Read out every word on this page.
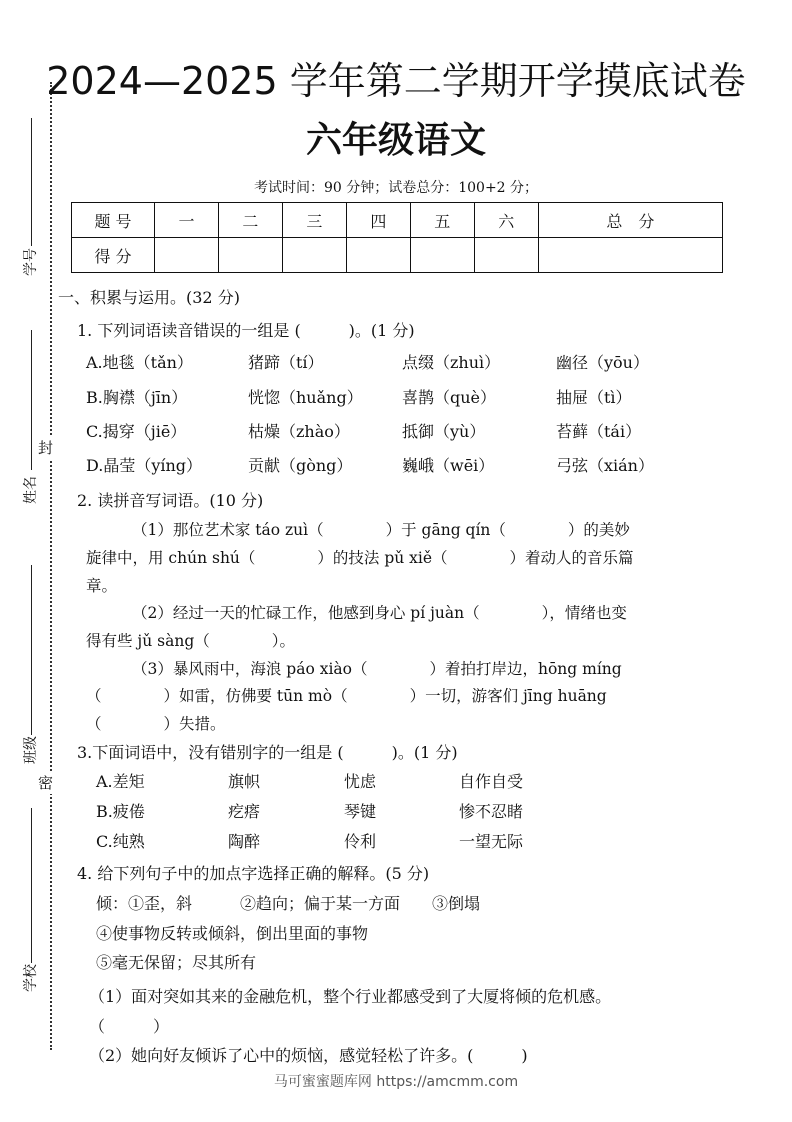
封
密
学号
姓名
班级
学校
2024—2025 学年第二学期开学摸底试卷
六年级语文
考试时间：90 分钟；试卷总分：100+2 分；
题 号	一	二	三	四	五	六	总　分
得 分							
一、积累与运用。(32 分)
1. 下列词语读音错误的一组是 (　　　)。(1 分)
A.地毯（tǎn）	猪蹄（tí）	点缀（zhuì）	幽径（yōu）
B.胸襟（jīn）	恍惚（huǎng） 喜鹊（què）	抽屉（tì）
C.揭穿（jiē）	枯燥（zhào）	抵御（yù）	苔藓（tái）
D.晶莹（yíng）	贡献（gòng）	巍峨（wēi）	弓弦（xián）
2. 读拼音写词语。(10 分)
（1）那位艺术家 táo zuì（　　　　）于 gāng qín（　　　　）的美妙
旋律中，用 chún shú（　　　　）的技法 pǔ xiě（　　　　）着动人的音乐篇
章。
（2）经过一天的忙碌工作，他感到身心 pí juàn（　　　　），情绪也变
得有些 jǔ sàng（　　　　）。
（3）暴风雨中，海浪 páo xiào（　　　　）着拍打岸边，hōng míng
（　　　　）如雷，仿佛要 tūn mò（　　　　）一切，游客们 jīng huāng
（　　　　）失措。
3.下面词语中，没有错别字的一组是 (　　　)。(1 分)
A.差矩	旗帜	忧虑	自作自受
B.疲倦	疙瘩	琴键	惨不忍睹
C.纯熟	陶醉	伶利	一望无际
4. 给下列句子中的加点字选择正确的解释。(5 分)
倾：①歪，斜　　　②趋向；偏于某一方面　　③倒塌
④使事物反转或倾斜，倒出里面的事物
⑤毫无保留；尽其所有
（1）面对突如其来的金融危机，整个行业都感受到了大厦将倾的危机感。
（　　　）
（2）她向好友倾诉了心中的烦恼，感觉轻松了许多。(　　　)
马可蜜蜜题库网 https://amcmm.com
